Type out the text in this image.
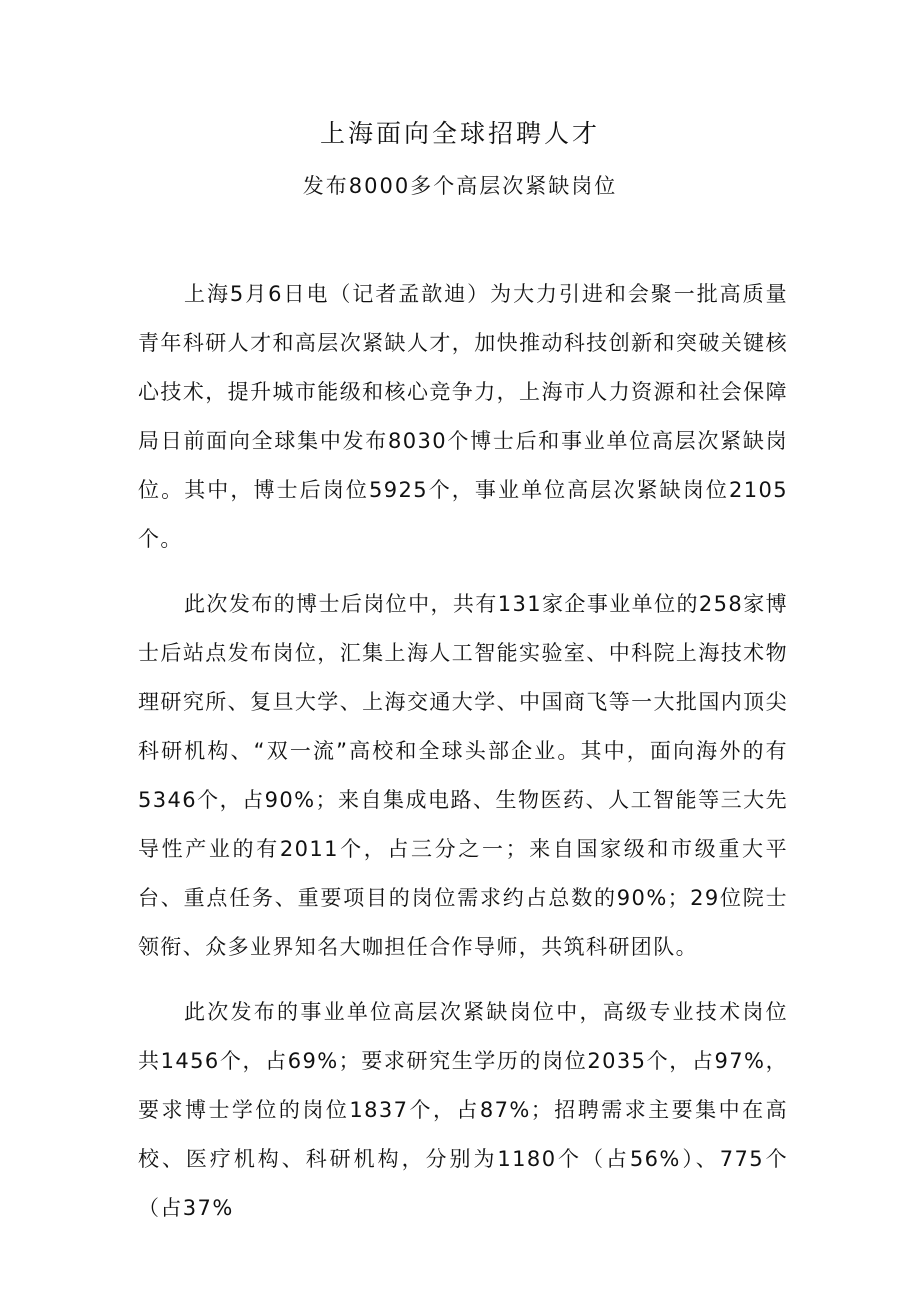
上海面向全球招聘人才
发布8000多个高层次紧缺岗位

上海5月6日电（记者孟歆迪）为大力引进和会聚一批高质量青年科研人才和高层次紧缺人才，加快推动科技创新和突破关键核心技术，提升城市能级和核心竞争力，上海市人力资源和社会保障局日前面向全球集中发布8030个博士后和事业单位高层次紧缺岗位。其中，博士后岗位5925个，事业单位高层次紧缺岗位2105个。

此次发布的博士后岗位中，共有131家企事业单位的258家博士后站点发布岗位，汇集上海人工智能实验室、中科院上海技术物理研究所、复旦大学、上海交通大学、中国商飞等一大批国内顶尖科研机构、“双一流”高校和全球头部企业。其中，面向海外的有5346个，占90%；来自集成电路、生物医药、人工智能等三大先导性产业的有2011个，占三分之一；来自国家级和市级重大平台、重点任务、重要项目的岗位需求约占总数的90%；29位院士领衔、众多业界知名大咖担任合作导师，共筑科研团队。

此次发布的事业单位高层次紧缺岗位中，高级专业技术岗位共1456个，占69%；要求研究生学历的岗位2035个，占97%，要求博士学位的岗位1837个，占87%；招聘需求主要集中在高校、医疗机构、科研机构，分别为1180个（占56%）、775个（占37%
